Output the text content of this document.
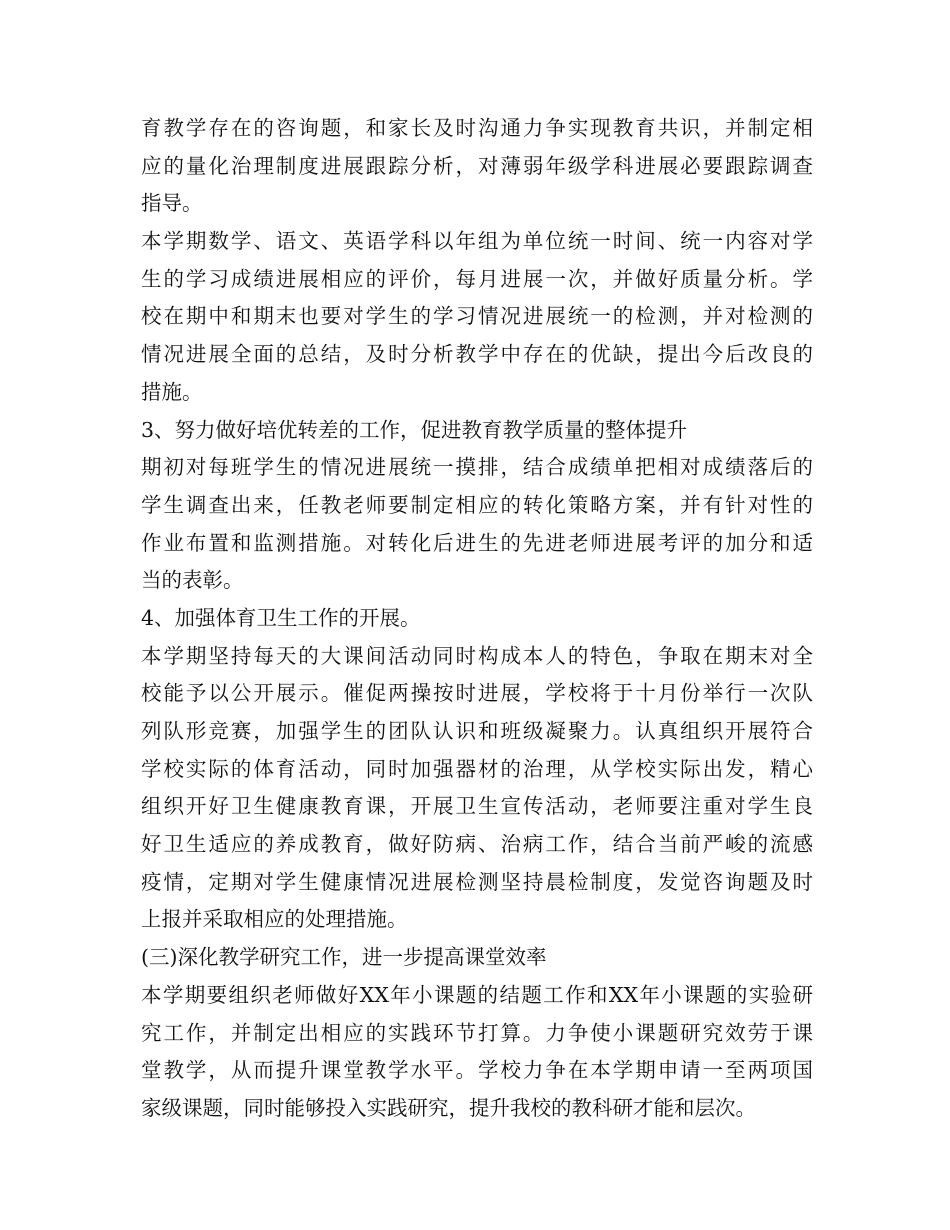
育教学存在的咨询题，和家长及时沟通力争实现教育共识，并制定相
应的量化治理制度进展跟踪分析，对薄弱年级学科进展必要跟踪调查
指导。
本学期数学、语文、英语学科以年组为单位统一时间、统一内容对学
生的学习成绩进展相应的评价，每月进展一次，并做好质量分析。学
校在期中和期末也要对学生的学习情况进展统一的检测，并对检测的
情况进展全面的总结，及时分析教学中存在的优缺，提出今后改良的
措施。
3、努力做好培优转差的工作，促进教育教学质量的整体提升
期初对每班学生的情况进展统一摸排，结合成绩单把相对成绩落后的
学生调查出来，任教老师要制定相应的转化策略方案，并有针对性的
作业布置和监测措施。对转化后进生的先进老师进展考评的加分和适
当的表彰。
4、加强体育卫生工作的开展。
本学期坚持每天的大课间活动同时构成本人的特色，争取在期末对全
校能予以公开展示。催促两操按时进展，学校将于十月份举行一次队
列队形竞赛，加强学生的团队认识和班级凝聚力。认真组织开展符合
学校实际的体育活动，同时加强器材的治理，从学校实际出发，精心
组织开好卫生健康教育课，开展卫生宣传活动，老师要注重对学生良
好卫生适应的养成教育，做好防病、治病工作，结合当前严峻的流感
疫情，定期对学生健康情况进展检测坚持晨检制度，发觉咨询题及时
上报并采取相应的处理措施。
(三)深化教学研究工作，进一步提高课堂效率
本学期要组织老师做好XX年小课题的结题工作和XX年小课题的实验研
究工作，并制定出相应的实践环节打算。力争使小课题研究效劳于课
堂教学，从而提升课堂教学水平。学校力争在本学期申请一至两项国
家级课题，同时能够投入实践研究，提升我校的教科研才能和层次。
